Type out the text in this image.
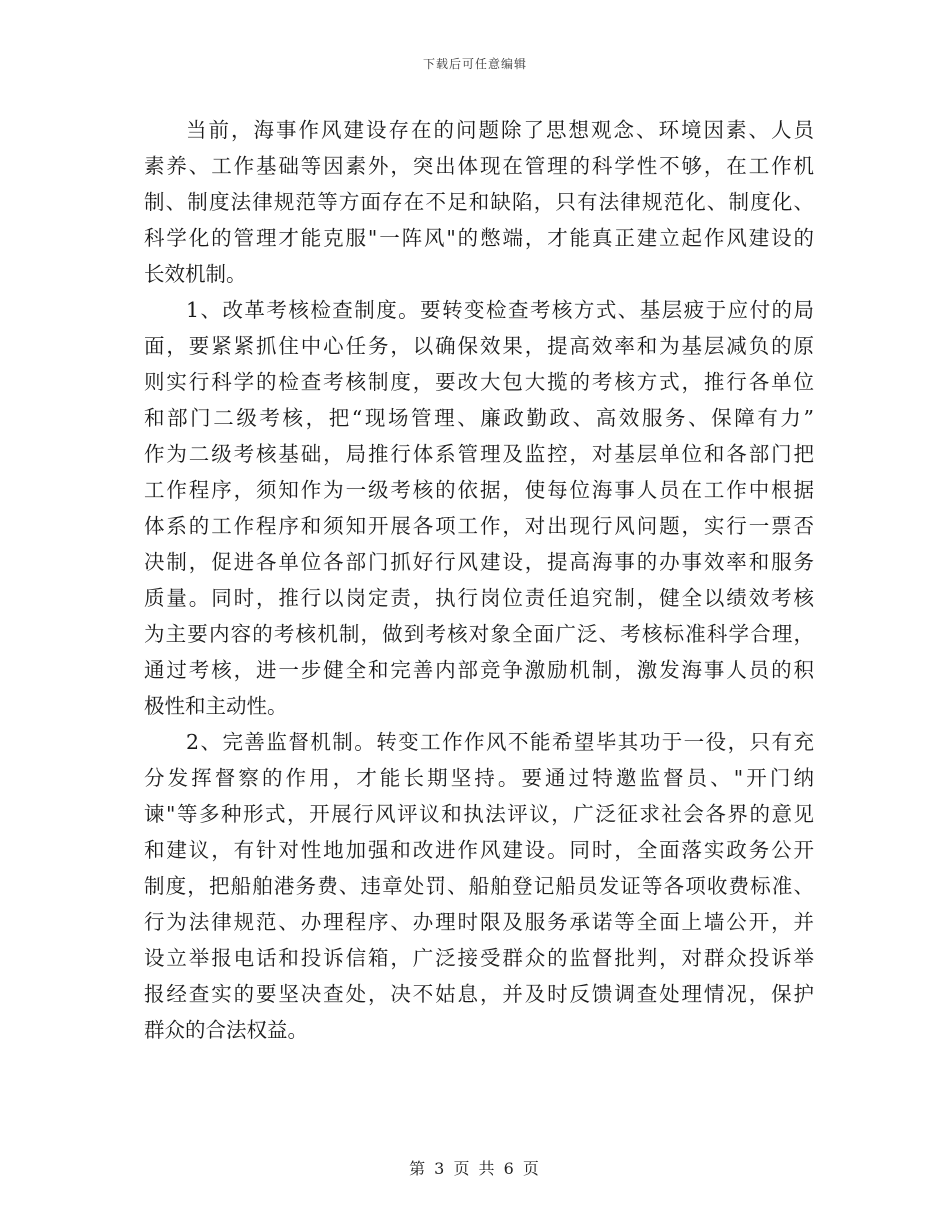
下载后可任意编辑
当前，海事作风建设存在的问题除了思想观念、环境因素、人员
素养、工作基础等因素外，突出体现在管理的科学性不够，在工作机
制、制度法律规范等方面存在不足和缺陷，只有法律规范化、制度化、
科学化的管理才能克服"一阵风"的憋端，才能真正建立起作风建设的
长效机制。
1、改革考核检查制度。要转变检查考核方式、基层疲于应付的局
面，要紧紧抓住中心任务，以确保效果，提高效率和为基层减负的原
则实行科学的检查考核制度，要改大包大揽的考核方式，推行各单位
和部门二级考核，把“现场管理、廉政勤政、高效服务、保障有力”
作为二级考核基础，局推行体系管理及监控，对基层单位和各部门把
工作程序，须知作为一级考核的依据，使每位海事人员在工作中根据
体系的工作程序和须知开展各项工作，对出现行风问题，实行一票否
决制，促进各单位各部门抓好行风建设，提高海事的办事效率和服务
质量。同时，推行以岗定责，执行岗位责任追究制，健全以绩效考核
为主要内容的考核机制，做到考核对象全面广泛、考核标准科学合理，
通过考核，进一步健全和完善内部竞争激励机制，激发海事人员的积
极性和主动性。
2、完善监督机制。转变工作作风不能希望毕其功于一役，只有充
分发挥督察的作用，才能长期坚持。要通过特邀监督员、"开门纳
谏"等多种形式，开展行风评议和执法评议，广泛征求社会各界的意见
和建议，有针对性地加强和改进作风建设。同时，全面落实政务公开
制度，把船舶港务费、违章处罚、船舶登记船员发证等各项收费标准、
行为法律规范、办理程序、办理时限及服务承诺等全面上墙公开，并
设立举报电话和投诉信箱，广泛接受群众的监督批判，对群众投诉举
报经查实的要坚决查处，决不姑息，并及时反馈调查处理情况，保护
群众的合法权益。
第 3 页 共 6 页
